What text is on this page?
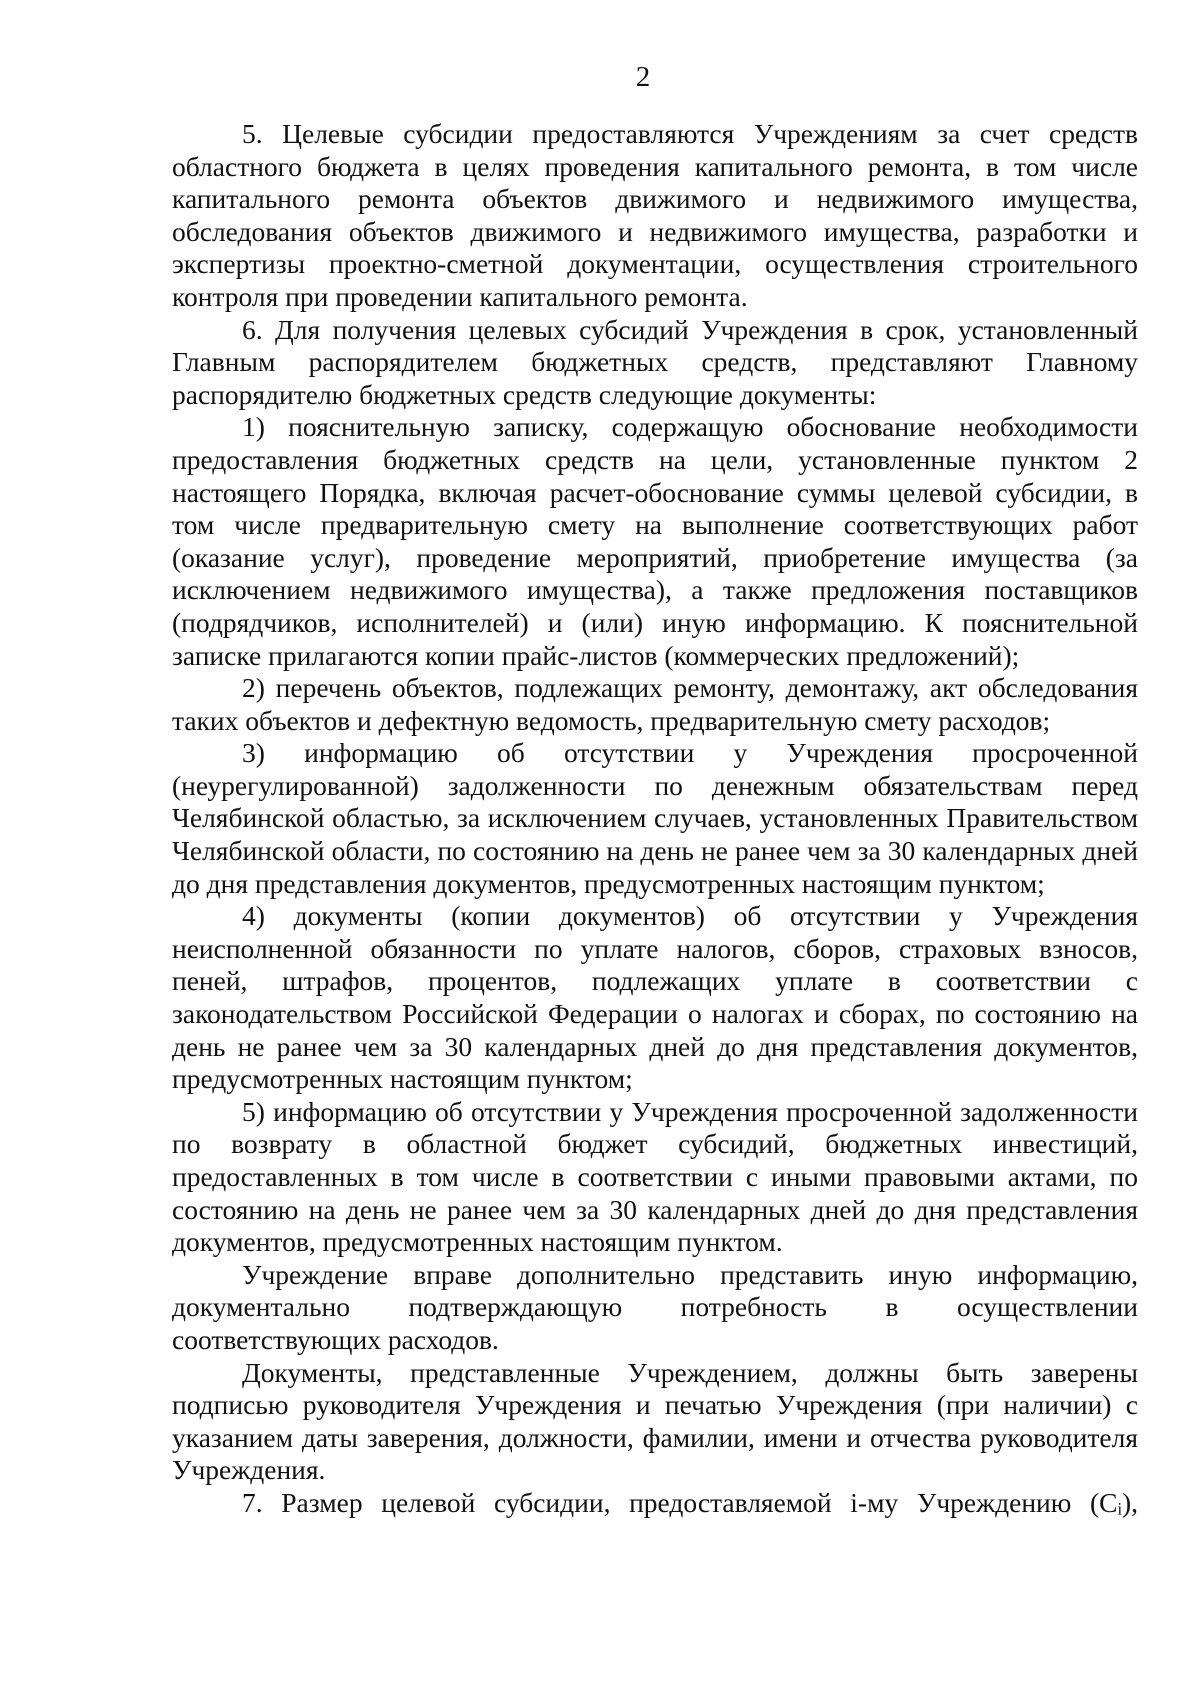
2

5. Целевые субсидии предоставляются Учреждениям за счет средств областного бюджета в целях проведения капитального ремонта, в том числе капитального ремонта объектов движимого и недвижимого имущества, обследования объектов движимого и недвижимого имущества, разработки и экспертизы проектно-сметной документации, осуществления строительного контроля при проведении капитального ремонта.

6. Для получения целевых субсидий Учреждения в срок, установленный Главным распорядителем бюджетных средств, представляют Главному распорядителю бюджетных средств следующие документы:

1) пояснительную записку, содержащую обоснование необходимости предоставления бюджетных средств на цели, установленные пунктом 2 настоящего Порядка, включая расчет-обоснование суммы целевой субсидии, в том числе предварительную смету на выполнение соответствующих работ (оказание услуг), проведение мероприятий, приобретение имущества (за исключением недвижимого имущества), а также предложения поставщиков (подрядчиков, исполнителей) и (или) иную информацию. К пояснительной записке прилагаются копии прайс-листов (коммерческих предложений);

2) перечень объектов, подлежащих ремонту, демонтажу, акт обследования таких объектов и дефектную ведомость, предварительную смету расходов;

3) информацию об отсутствии у Учреждения просроченной (неурегулированной) задолженности по денежным обязательствам перед Челябинской областью, за исключением случаев, установленных Правительством Челябинской области, по состоянию на день не ранее чем за 30 календарных дней до дня представления документов, предусмотренных настоящим пунктом;

4) документы (копии документов) об отсутствии у Учреждения неисполненной обязанности по уплате налогов, сборов, страховых взносов, пеней, штрафов, процентов, подлежащих уплате в соответствии с законодательством Российской Федерации о налогах и сборах, по состоянию на день не ранее чем за 30 календарных дней до дня представления документов, предусмотренных настоящим пунктом;

5) информацию об отсутствии у Учреждения просроченной задолженности по возврату в областной бюджет субсидий, бюджетных инвестиций, предоставленных в том числе в соответствии с иными правовыми актами, по состоянию на день не ранее чем за 30 календарных дней до дня представления документов, предусмотренных настоящим пунктом.

Учреждение вправе дополнительно представить иную информацию, документально подтверждающую потребность в осуществлении соответствующих расходов.

Документы, представленные Учреждением, должны быть заверены подписью руководителя Учреждения и печатью Учреждения (при наличии) с указанием даты заверения, должности, фамилии, имени и отчества руководителя Учреждения.

7. Размер целевой субсидии, предоставляемой i-му Учреждению (Cᵢ),
